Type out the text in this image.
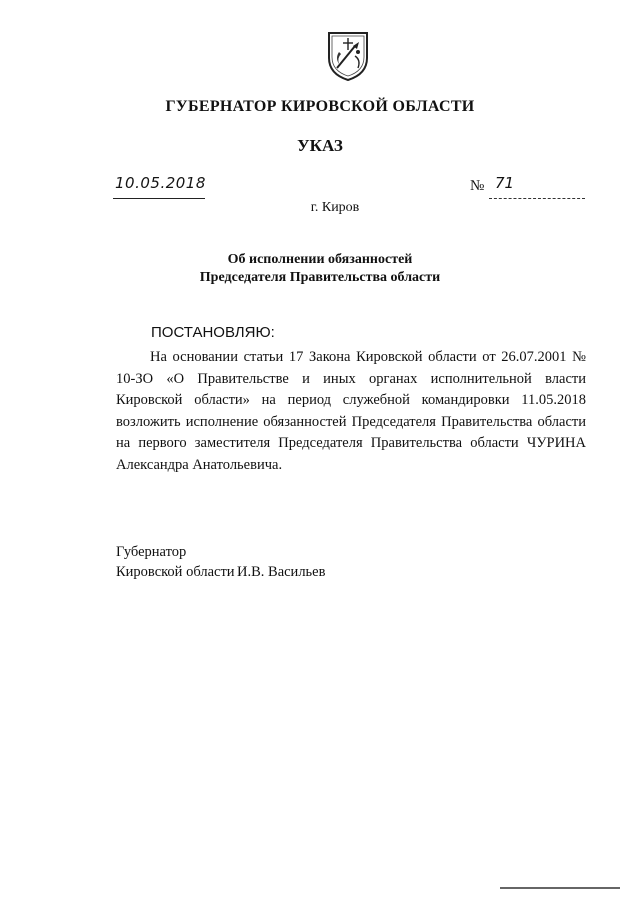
ГУБЕРНАТОР КИРОВСКОЙ ОБЛАСТИ
УКАЗ
10.05.2018	№ 71
г. Киров
Об исполнении обязанностей
Председателя Правительства области
ПОСТАНОВЛЯЮ:
На основании статьи 17 Закона Кировской области от 26.07.2001 № 10-ЗО «О Правительстве и иных органах исполнительной власти Кировской области» на период служебной командировки 11.05.2018 возложить исполнение обязанностей Председателя Правительства области на первого заместителя Председателя Правительства области ЧУРИНА Александра Анатольевича.
Губернатор
Кировской области И.В. Васильев
